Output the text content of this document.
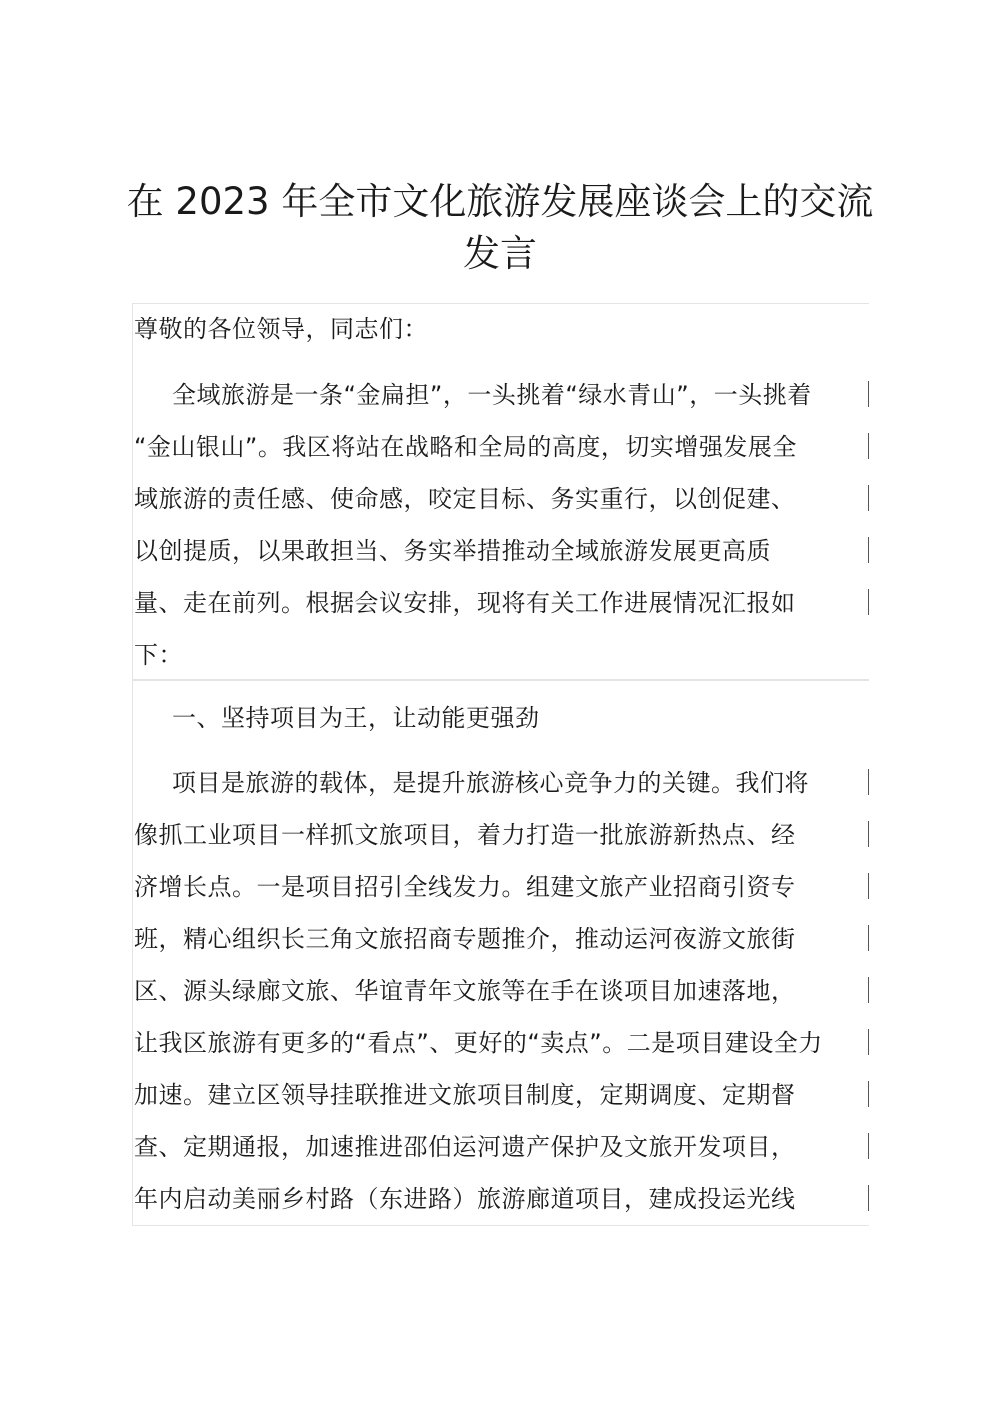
在 2023 年全市文化旅游发展座谈会上的交流
发言
尊敬的各位领导，同志们：
全域旅游是一条“金扁担”，一头挑着“绿水青山”，一头挑着
“金山银山”。我区将站在战略和全局的高度，切实增强发展全
域旅游的责任感、使命感，咬定目标、务实重行，以创促建、
以创提质，以果敢担当、务实举措推动全域旅游发展更高质
量、走在前列。根据会议安排，现将有关工作进展情况汇报如
下：
一、坚持项目为王，让动能更强劲
项目是旅游的载体，是提升旅游核心竞争力的关键。我们将
像抓工业项目一样抓文旅项目，着力打造一批旅游新热点、经
济增长点。一是项目招引全线发力。组建文旅产业招商引资专
班，精心组织长三角文旅招商专题推介，推动运河夜游文旅街
区、源头绿廊文旅、华谊青年文旅等在手在谈项目加速落地，
让我区旅游有更多的“看点”、更好的“卖点”。二是项目建设全力
加速。建立区领导挂联推进文旅项目制度，定期调度、定期督
查、定期通报，加速推进邵伯运河遗产保护及文旅开发项目，
年内启动美丽乡村路（东进路）旅游廊道项目，建成投运光线
